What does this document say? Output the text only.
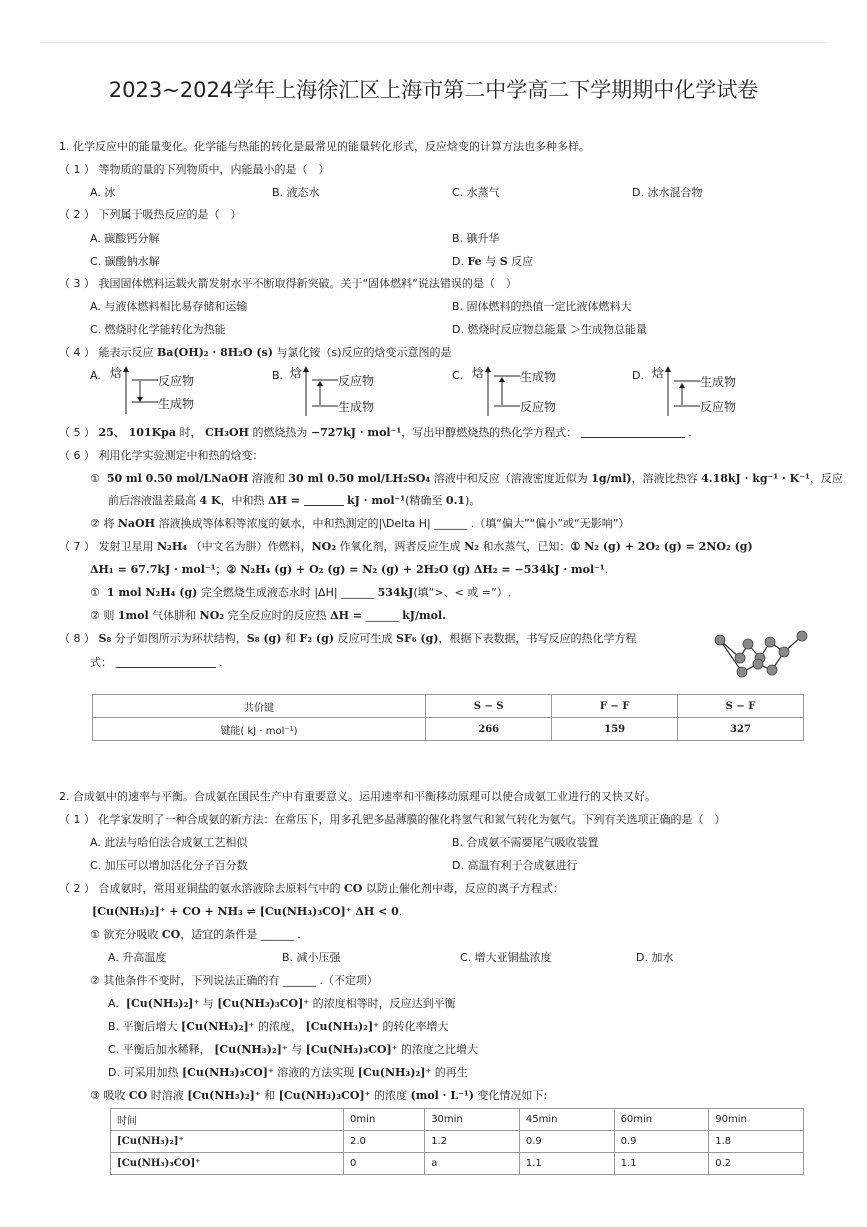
2023~2024学年上海徐汇区上海市第二中学高二下学期期中化学试卷
1. 化学反应中的能量变化。化学能与热能的转化是最常见的能量转化形式，反应焓变的计算方法也多种多样。
（ 1 ） 等物质的量的下列物质中，内能最小的是（　）
A. 冰	B. 液态水	C. 水蒸气	D. 冰水混合物
（ 2 ） 下列属于吸热反应的是（　）
A. 碳酸钙分解	B. 碘升华
C. 碳酸钠水解	D. Fe 与 S 反应
（ 3 ） 我国固体燃料运载火箭发射水平不断取得新突破。关于“固体燃料”说法错误的是（　）
A. 与液体燃料相比易存储和运输	B. 固体燃料的热值一定比液体燃料大
C. 燃烧时化学能转化为热能	D. 燃烧时反应物总能量 ＞生成物总能量
（ 4 ） 能表示反应 Ba(OH)₂ · 8H₂O (s) 与氯化铵（s)反应的焓变示意图的是
A. 焓
反应物
生成物
B. 焓
反应物
生成物
C. 焓	生成物
反应物
D. 焓
生成物
反应物
（ 5 ） 25、 101Kpa 时， CH₃OH 的燃烧热为 −727kJ · mol⁻¹，写出甲醇燃烧热的热化学方程式：	.
（ 6 ） 利用化学实验测定中和热的焓变：
① 50 ml 0.50 mol/LNaOH 溶液和 30 ml 0.50 mol/LH₂SO₄ 溶液中和反应（溶液密度近似为 1g/ml)，溶液比热容 4.18kJ · kg⁻¹ · K⁻¹，反应
前后溶液温差最高 4 K，中和热 ΔH =	kJ · mol⁻¹(精确至 0.1)。
② 将 NaOH 溶液换成等体积等浓度的氨水，中和热测定的|\Delta H| ______ .（填“偏大”“偏小”或“无影响”）
（ 7 ） 发射卫星用 N₂H₄ （中文名为肼）作燃料，NO₂ 作氧化剂，两者反应生成 N₂ 和水蒸气，已知：① N₂ (g) + 2O₂ (g) = 2NO₂ (g)
ΔH₁ = 67.7kJ · mol⁻¹；② N₂H₄ (g) + O₂ (g) = N₂ (g) + 2H₂O (g) ΔH₂ = −534kJ · mol⁻¹.
① 1 mol N₂H₄ (g) 完全燃烧生成液态水时 |ΔH| ______ 534kJ(填“>、< 或 =”）.
② 则 1mol 气体肼和 NO₂ 完全反应时的反应热 ΔH = ______ kJ/mol.
（ 8 ） S₈ 分子如图所示为环状结构，S₈ (g) 和 F₂ (g) 反应可生成 SF₆ (g)，根据下表数据，书写反应的热化学方程
式：	.
共价键	S − S	F − F	S − F
键能( kJ · mol⁻¹)	266	159	327
2. 合成氨中的速率与平衡。合成氨在国民生产中有重要意义。运用速率和平衡移动原理可以使合成氨工业进行的又快又好。
（ 1 ） 化学家发明了一种合成氨的新方法：在常压下，用多孔钯多晶薄膜的催化将氢气和氮气转化为氨气。下列有关选项正确的是（　）
A. 此法与哈伯法合成氨工艺相似	B. 合成氨不需要尾气吸收装置
C. 加压可以增加活化分子百分数	D. 高温有利于合成氨进行
（ 2 ） 合成氨时，常用亚铜盐的氨水溶液除去原料气中的 CO 以防止催化剂中毒，反应的离子方程式：
[Cu(NH₃)₂]⁺ + CO + NH₃ ⇌ [Cu(NH₃)₃CO]⁺ ΔH < 0.
① 欲充分吸收 CO，适宜的条件是 ______ .
A. 升高温度	B. 减小压强	C. 增大亚铜盐浓度	D. 加水
② 其他条件不变时，下列说法正确的有 ______ .（不定项）
A. [Cu(NH₃)₂]⁺ 与 [Cu(NH₃)₃CO]⁺ 的浓度相等时，反应达到平衡
B. 平衡后增大 [Cu(NH₃)₂]⁺ 的浓度， [Cu(NH₃)₂]⁺ 的转化率增大
C. 平衡后加水稀释， [Cu(NH₃)₂]⁺ 与 [Cu(NH₃)₃CO]⁺ 的浓度之比增大
D. 可采用加热 [Cu(NH₃)₃CO]⁺ 溶液的方法实现 [Cu(NH₃)₂]⁺ 的再生
③ 吸收 CO 时溶液 [Cu(NH₃)₂]⁺ 和 [Cu(NH₃)₃CO]⁺ 的浓度 (mol · L⁻¹) 变化情况如下:
时间	0min	30min	45min	60min	90min
[Cu(NH₃)₂]⁺	2.0	1.2	0.9	0.9	1.8
[Cu(NH₃)₃CO]⁺	0	a	1.1	1.1	0.2
